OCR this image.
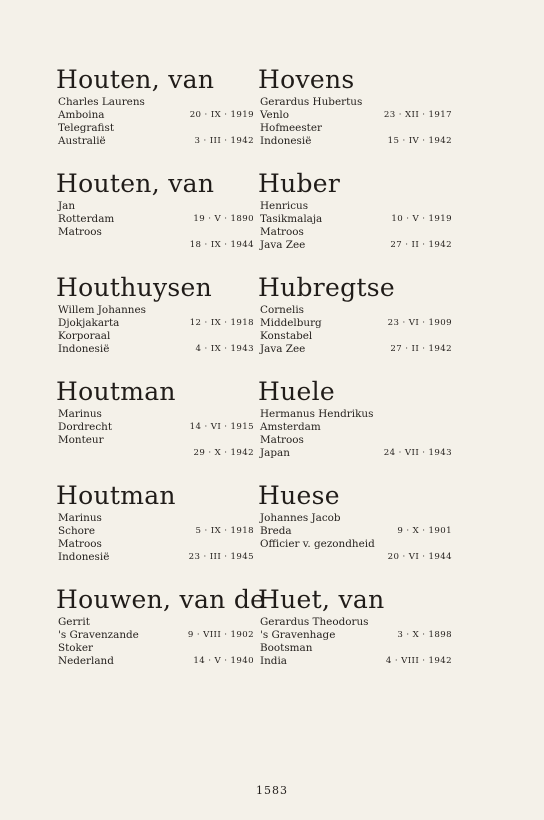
Houten, van
Charles Laurens
Amboina	20 · IX · 1919
Telegrafist
Australië	3 · III · 1942
Houten, van
Jan
Rotterdam	19 · V · 1890
Matroos
18 · IX · 1944
Houthuysen
Willem Johannes
Djokjakarta	12 · IX · 1918
Korporaal
Indonesië	4 · IX · 1943
Houtman
Marinus
Dordrecht	14 · VI · 1915
Monteur
29 · X · 1942
Houtman
Marinus
Schore	5 · IX · 1918
Matroos
Indonesië	23 · III · 1945
Houwen, van de
Gerrit
's Gravenzande	9 · VIII · 1902
Stoker
Nederland	14 · V · 1940
Hovens
Gerardus Hubertus
Venlo	23 · XII · 1917
Hofmeester
Indonesië	15 · IV · 1942
Huber
Henricus
Tasikmalaja	10 · V · 1919
Matroos
Java Zee	27 · II · 1942
Hubregtse
Cornelis
Middelburg	23 · VI · 1909
Konstabel
Java Zee	27 · II · 1942
Huele
Hermanus Hendrikus
Amsterdam
Matroos
Japan	24 · VII · 1943
Huese
Johannes Jacob
Breda	9 · X · 1901
Officier v. gezondheid
20 · VI · 1944
Huet, van
Gerardus Theodorus
's Gravenhage	3 · X · 1898
Bootsman
India	4 · VIII · 1942
1583
